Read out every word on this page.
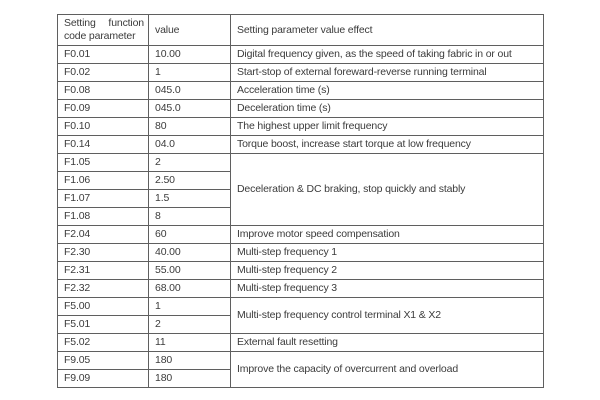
Setting function
code parameter	value	Setting parameter value effect
F0.01	10.00	Digital frequency given, as the speed of taking fabric in or out
F0.02	1	Start-stop of external foreward-reverse running terminal
F0.08	045.0	Acceleration time (s)
F0.09	045.0	Deceleration time (s)
F0.10	80	The highest upper limit frequency
F0.14	04.0	Torque boost, increase start torque at low frequency
F1.05	2	Deceleration & DC braking, stop quickly and stably
F1.06	2.50	
F1.07	1.5	
F1.08	8	
F2.04	60	Improve motor speed compensation
F2.30	40.00	Multi-step frequency 1
F2.31	55.00	Multi-step frequency 2
F2.32	68.00	Multi-step frequency 3
F5.00	1	Multi-step frequency control terminal X1 & X2
F5.01	2	
F5.02	11	External fault resetting
F9.05	180	Improve the capacity of overcurrent and overload
F9.09	180	
